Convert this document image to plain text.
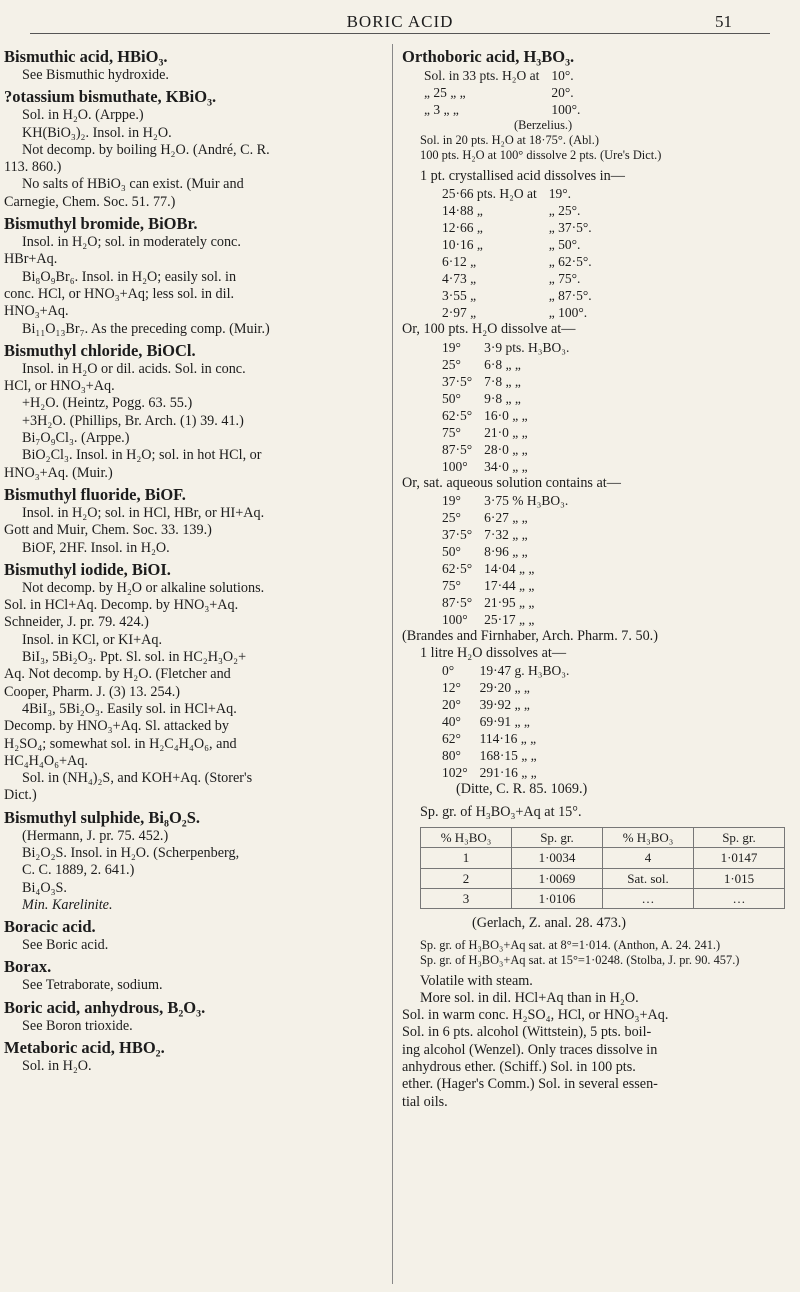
BORIC ACID	51
Bismuthic acid, HBiO₃.
See Bismuthic hydroxide.
?otassium bismuthate, KBiO₃.
Sol. in H₂O. (Arppe.)
KH(BiO₃)₂. Insol. in H₂O.
Not decomp. by boiling H₂O. (André, C. R.
113. 860.)
No salts of HBiO₃ can exist. (Muir and
Carnegie, Chem. Soc. 51. 77.)
Bismuthyl bromide, BiOBr.
Insol. in H₂O; sol. in moderately conc.
HBr+Aq.
Bi₈O₉Br₆. Insol. in H₂O; easily sol. in
conc. HCl, or HNO₃+Aq; less sol. in dil.
HNO₃+Aq.
Bi₁₁O₁₃Br₇. As the preceding comp. (Muir.)
Bismuthyl chloride, BiOCl.
Insol. in H₂O or dil. acids. Sol. in conc.
HCl, or HNO₃+Aq.
+H₂O. (Heintz, Pogg. 63. 55.)
+3H₂O. (Phillips, Br. Arch. (1) 39. 41.)
Bi₇O₉Cl₃. (Arppe.)
BiO₂Cl₃. Insol. in H₂O; sol. in hot HCl, or
HNO₃+Aq. (Muir.)
Bismuthyl fluoride, BiOF.
Insol. in H₂O; sol. in HCl, HBr, or HI+Aq.
Gott and Muir, Chem. Soc. 33. 139.)
BiOF, 2HF. Insol. in H₂O.
Bismuthyl iodide, BiOI.
Not decomp. by H₂O or alkaline solutions.
Sol. in HCl+Aq. Decomp. by HNO₃+Aq.
Schneider, J. pr. 79. 424.)
Insol. in KCl, or KI+Aq.
BiI₃, 5Bi₂O₃. Ppt. Sl. sol. in HC₂H₃O₂+
Aq. Not decomp. by H₂O. (Fletcher and
Cooper, Pharm. J. (3) 13. 254.)
4BiI₃, 5Bi₂O₃. Easily sol. in HCl+Aq.
Decomp. by HNO₃+Aq. Sl. attacked by
H₂SO₄; somewhat sol. in H₂C₄H₄O₆, and
HC₄H₄O₆+Aq.
Sol. in (NH₄)₂S, and KOH+Aq. (Storer's
Dict.)
Bismuthyl sulphide, Bi₈O₂S.
(Hermann, J. pr. 75. 452.)
Bi₂O₂S. Insol. in H₂O. (Scherpenberg,
C. C. 1889, 2. 641.)
Bi₄O₃S.
Min. Karelinite.
Boracic acid.
See Boric acid.
Borax.
See Tetraborate, sodium.
Boric acid, anhydrous, B₂O₃.
See Boron trioxide.
Metaboric acid, HBO₂.
Sol. in H₂O.
Orthoboric acid, H₃BO₃.
Sol. in 33 pts. H₂O at	10°.
„ 25 „ „	20°.
„ 3 „ „	100°.
(Berzelius.)
Sol. in 20 pts. H₂O at 18·75°. (Abl.)
100 pts. H₂O at 100° dissolve 2 pts. (Ure's Dict.)
1 pt. crystallised acid dissolves in—
25·66 pts. H₂O at	19°.
14·88 „	„ 25°.
12·66 „	„ 37·5°.
10·16 „	„ 50°.
6·12 „	„ 62·5°.
4·73 „	„ 75°.
3·55 „	„ 87·5°.
2·97 „	„ 100°.
Or, 100 pts. H₂O dissolve at—
19°	3·9 pts. H₃BO₃.
25°	6·8 „ „
37·5°	7·8 „ „
50°	9·8 „ „
62·5°	16·0 „ „
75°	21·0 „ „
87·5°	28·0 „ „
100°	34·0 „ „
Or, sat. aqueous solution contains at—
19°	3·75 % H₃BO₃.
25°	6·27 „ „
37·5°	7·32 „ „
50°	8·96 „ „
62·5°	14·04 „ „
75°	17·44 „ „
87·5°	21·95 „ „
100°	25·17 „ „
(Brandes and Firnhaber, Arch. Pharm. 7. 50.)
1 litre H₂O dissolves at—
0°	19·47 g. H₃BO₃.
12°	29·20 „ „
20°	39·92 „ „
40°	69·91 „ „
62°	114·16 „ „
80°	168·15 „ „
102°	291·16 „ „
(Ditte, C. R. 85. 1069.)
Sp. gr. of H₃BO₃+Aq at 15°.
% H₃BO₃	Sp. gr.	% H₃BO₃	Sp. gr.
1	1·0034	4	1·0147
2	1·0069	Sat. sol.	1·015
3	1·0106	…	…
(Gerlach, Z. anal. 28. 473.)
Sp. gr. of H₃BO₃+Aq sat. at 8°=1·014. (Anthon, A. 24. 241.)
Sp. gr. of H₃BO₃+Aq sat. at 15°=1·0248. (Stolba, J. pr. 90. 457.)
Volatile with steam.
More sol. in dil. HCl+Aq than in H₂O.
Sol. in warm conc. H₂SO₄, HCl, or HNO₃+Aq.
Sol. in 6 pts. alcohol (Wittstein), 5 pts. boil-
ing alcohol (Wenzel). Only traces dissolve in
anhydrous ether. (Schiff.) Sol. in 100 pts.
ether. (Hager's Comm.) Sol. in several essen-
tial oils.
